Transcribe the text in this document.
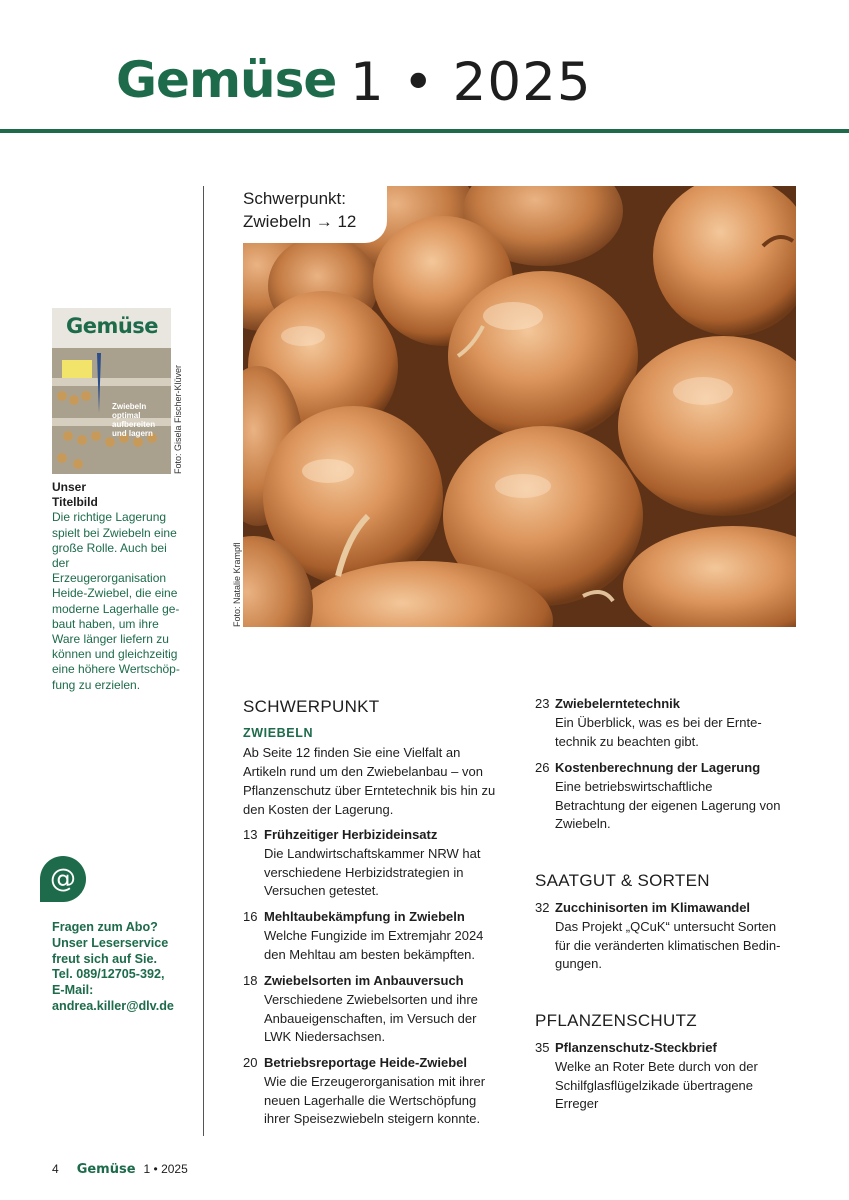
Gemüse 1 • 2025
Schwerpunkt:
Zwiebeln → 12
Foto: Natalie Krampfl
Gemüse
Zwiebeln optimal aufbereiten und lagern	Foto: Gisela Fischer-Klüver
Unser
Titelbild
Die richtige Lagerung spielt bei Zwiebeln eine große Rolle. Auch bei der Erzeugerorganisation Heide-Zwiebel, die eine moderne Lagerhalle ge-baut haben, um ihre Ware länger liefern zu können und gleichzeitig eine höhere Wertschöp-fung zu erzielen.
@
Fragen zum Abo?
Unser Leserservice
freut sich auf Sie.
Tel. 089/12705-392,
E-Mail:
andrea.killer@dlv.de
SCHWERPUNKT
ZWIEBELN
Ab Seite 12 finden Sie eine Vielfalt an
Artikeln rund um den Zwiebelanbau – von
Pflanzenschutz über Erntetechnik bis hin zu
den Kosten der Lagerung.
13 Frühzeitiger Herbizideinsatz
Die Landwirtschaftskammer NRW hat
verschiedene Herbizidstrategien in
Versuchen getestet.
16 Mehltaubekämpfung in Zwiebeln
Welche Fungizide im Extremjahr 2024
den Mehltau am besten bekämpften.
18 Zwiebelsorten im Anbauversuch
Verschiedene Zwiebelsorten und ihre
Anbaueigenschaften, im Versuch der
LWK Niedersachsen.
20 Betriebsreportage Heide-Zwiebel
Wie die Erzeugerorganisation mit ihrer
neuen Lagerhalle die Wertschöpfung
ihrer Speisezwiebeln steigern konnte.
23 Zwiebelerntetechnik
Ein Überblick, was es bei der Ernte-
technik zu beachten gibt.
26 Kostenberechnung der Lagerung
Eine betriebswirtschaftliche
Betrachtung der eigenen Lagerung von
Zwiebeln.
SAATGUT & SORTEN
32 Zucchinisorten im Klimawandel
Das Projekt „QCuK“ untersucht Sorten
für die veränderten klimatischen Bedin-
gungen.
PFLANZENSCHUTZ
35 Pflanzenschutz-Steckbrief
Welke an Roter Bete durch von der
Schilfglasflügelzikade übertragene
Erreger
4 Gemüse 1 • 2025
